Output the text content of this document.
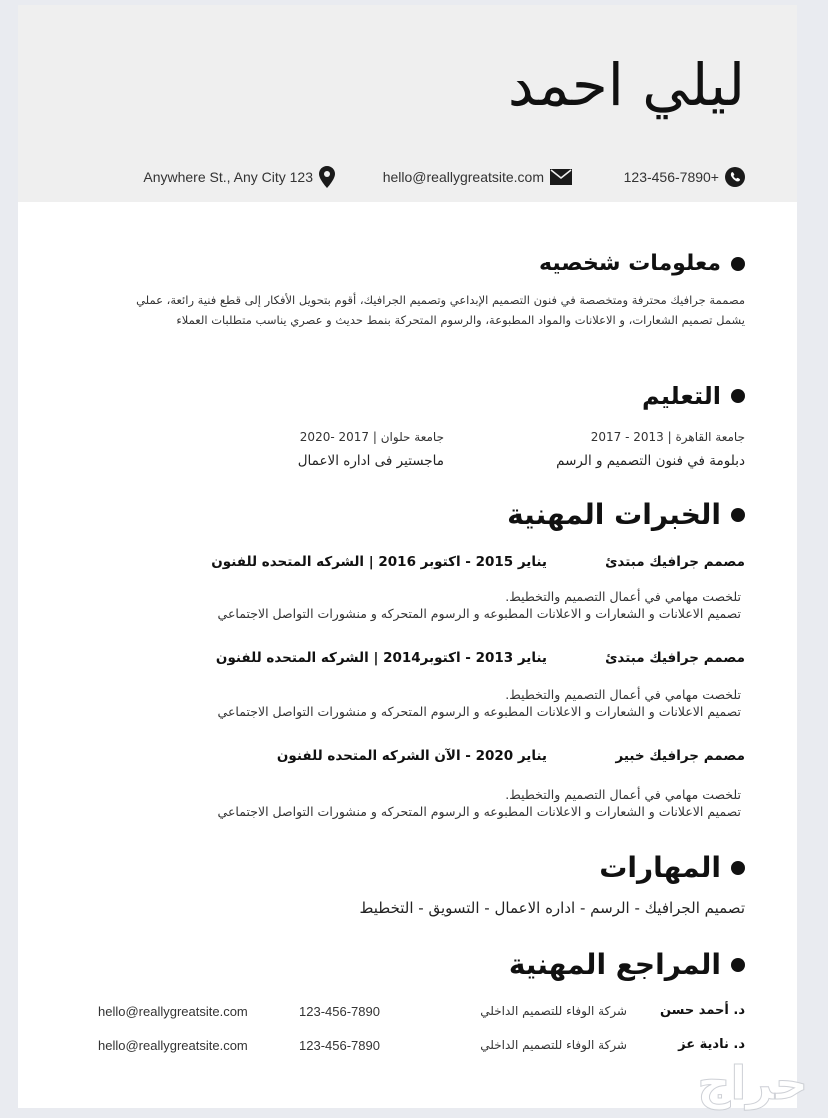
ليلي احمد
123-456-7890+
hello@reallygreatsite.com
Anywhere St., Any City 123
معلومات شخصيه
مصممة جرافيك محترفة ومتخصصة في فنون التصميم الإبداعي وتصميم الجرافيك، أقوم بتحويل الأفكار إلى قطع فنية رائعة، عملي
يشمل تصميم الشعارات، و الاعلانات والمواد المطبوعة، والرسوم المتحركة بنمط حديث و عصري يناسب متطلبات العملاء
التعليم
جامعة القاهرة | 2013 - 2017
دبلومة في فنون التصميم و الرسم
جامعة حلوان | 2017 -2020
ماجستير فى اداره الاعمال
الخبرات المهنية
مصمم جرافيك مبتدئ
يناير 2015 - اكتوبر 2016 | الشركه المتحده للفنون
تلخصت مهامي في أعمال التصميم والتخطيط.
تصميم الاعلانات و الشعارات و الاعلانات المطبوعه و الرسوم المتحركه و منشورات التواصل الاجتماعي
مصمم جرافيك مبتدئ
يناير 2013 - اكتوبر2014 | الشركه المتحده للفنون
تلخصت مهامي في أعمال التصميم والتخطيط.
تصميم الاعلانات و الشعارات و الاعلانات المطبوعه و الرسوم المتحركه و منشورات التواصل الاجتماعي
مصمم جرافيك خبير
يناير 2020 - الآن الشركه المتحده للفنون
تلخصت مهامي في أعمال التصميم والتخطيط.
تصميم الاعلانات و الشعارات و الاعلانات المطبوعه و الرسوم المتحركه و منشورات التواصل الاجتماعي
المهارات
تصميم الجرافيك - الرسم - اداره الاعمال - التسويق - التخطيط
المراجع المهنية
د. أحمد حسن
شركة الوفاء للتصميم الداخلي
123-456-7890
hello@reallygreatsite.com
د. نادية عز
شركة الوفاء للتصميم الداخلي
123-456-7890
hello@reallygreatsite.com
حراج
